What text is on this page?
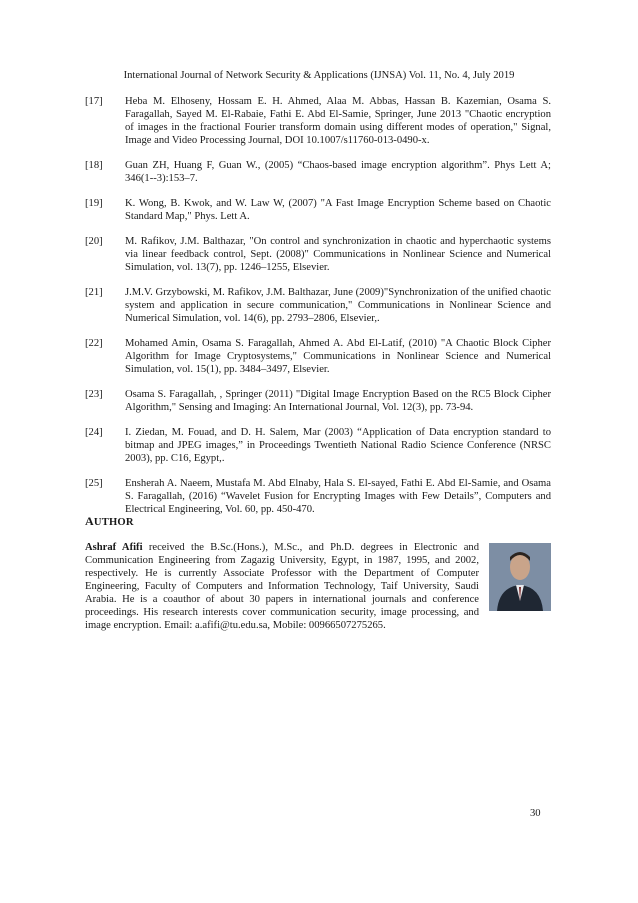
International Journal of Network Security & Applications (IJNSA) Vol. 11, No. 4, July 2019
[17] Heba M. Elhoseny, Hossam E. H. Ahmed, Alaa M. Abbas, Hassan B. Kazemian, Osama S. Faragallah, Sayed M. El-Rabaie, Fathi E. Abd El-Samie, Springer, June 2013 "Chaotic encryption of images in the fractional Fourier transform domain using different modes of operation," Signal, Image and Video Processing Journal, DOI 10.1007/s11760-013-0490-x.
[18] Guan ZH, Huang F, Guan W., (2005) “Chaos-based image encryption algorithm”. Phys Lett A; 346(1--3):153–7.
[19] K. Wong, B. Kwok, and W. Law W, (2007) "A Fast Image Encryption Scheme based on Chaotic Standard Map," Phys. Lett A.
[20] M. Rafikov, J.M. Balthazar, "On control and synchronization in chaotic and hyperchaotic systems via linear feedback control, Sept. (2008)" Communications in Nonlinear Science and Numerical Simulation, vol. 13(7), pp. 1246–1255, Elsevier.
[21] J.M.V. Grzybowski, M. Rafikov, J.M. Balthazar, June (2009)"Synchronization of the unified chaotic system and application in secure communication," Communications in Nonlinear Science and Numerical Simulation, vol. 14(6), pp. 2793–2806, Elsevier,.
[22] Mohamed Amin, Osama S. Faragallah, Ahmed A. Abd El-Latif, (2010) "A Chaotic Block Cipher Algorithm for Image Cryptosystems," Communications in Nonlinear Science and Numerical Simulation, vol. 15(1), pp. 3484–3497, Elsevier.
[23] Osama S. Faragallah, , Springer (2011) "Digital Image Encryption Based on the RC5 Block Cipher Algorithm," Sensing and Imaging: An International Journal, Vol. 12(3), pp. 73-94.
[24] I. Ziedan, M. Fouad, and D. H. Salem, Mar (2003) “Application of Data encryption standard to bitmap and JPEG images,” in Proceedings Twentieth National Radio Science Conference (NRSC 2003), pp. C16, Egypt,.
[25] Ensherah A. Naeem, Mustafa M. Abd Elnaby, Hala S. El-sayed, Fathi E. Abd El-Samie, and Osama S. Faragallah, (2016) “Wavelet Fusion for Encrypting Images with Few Details”, Computers and Electrical Engineering, Vol. 60, pp. 450-470.
AUTHOR
Ashraf Afifi received the B.Sc.(Hons.), M.Sc., and Ph.D. degrees in Electronic and Communication Engineering from Zagazig University, Egypt, in 1987, 1995, and 2002, respectively. He is currently Associate Professor with the Department of Computer Engineering, Faculty of Computers and Information Technology, Taif University, Saudi Arabia. He is a coauthor of about 30 papers in international journals and conference proceedings. His research interests cover communication security, image processing, and image encryption. Email: a.afifi@tu.edu.sa, Mobile: 00966507275265.
30
